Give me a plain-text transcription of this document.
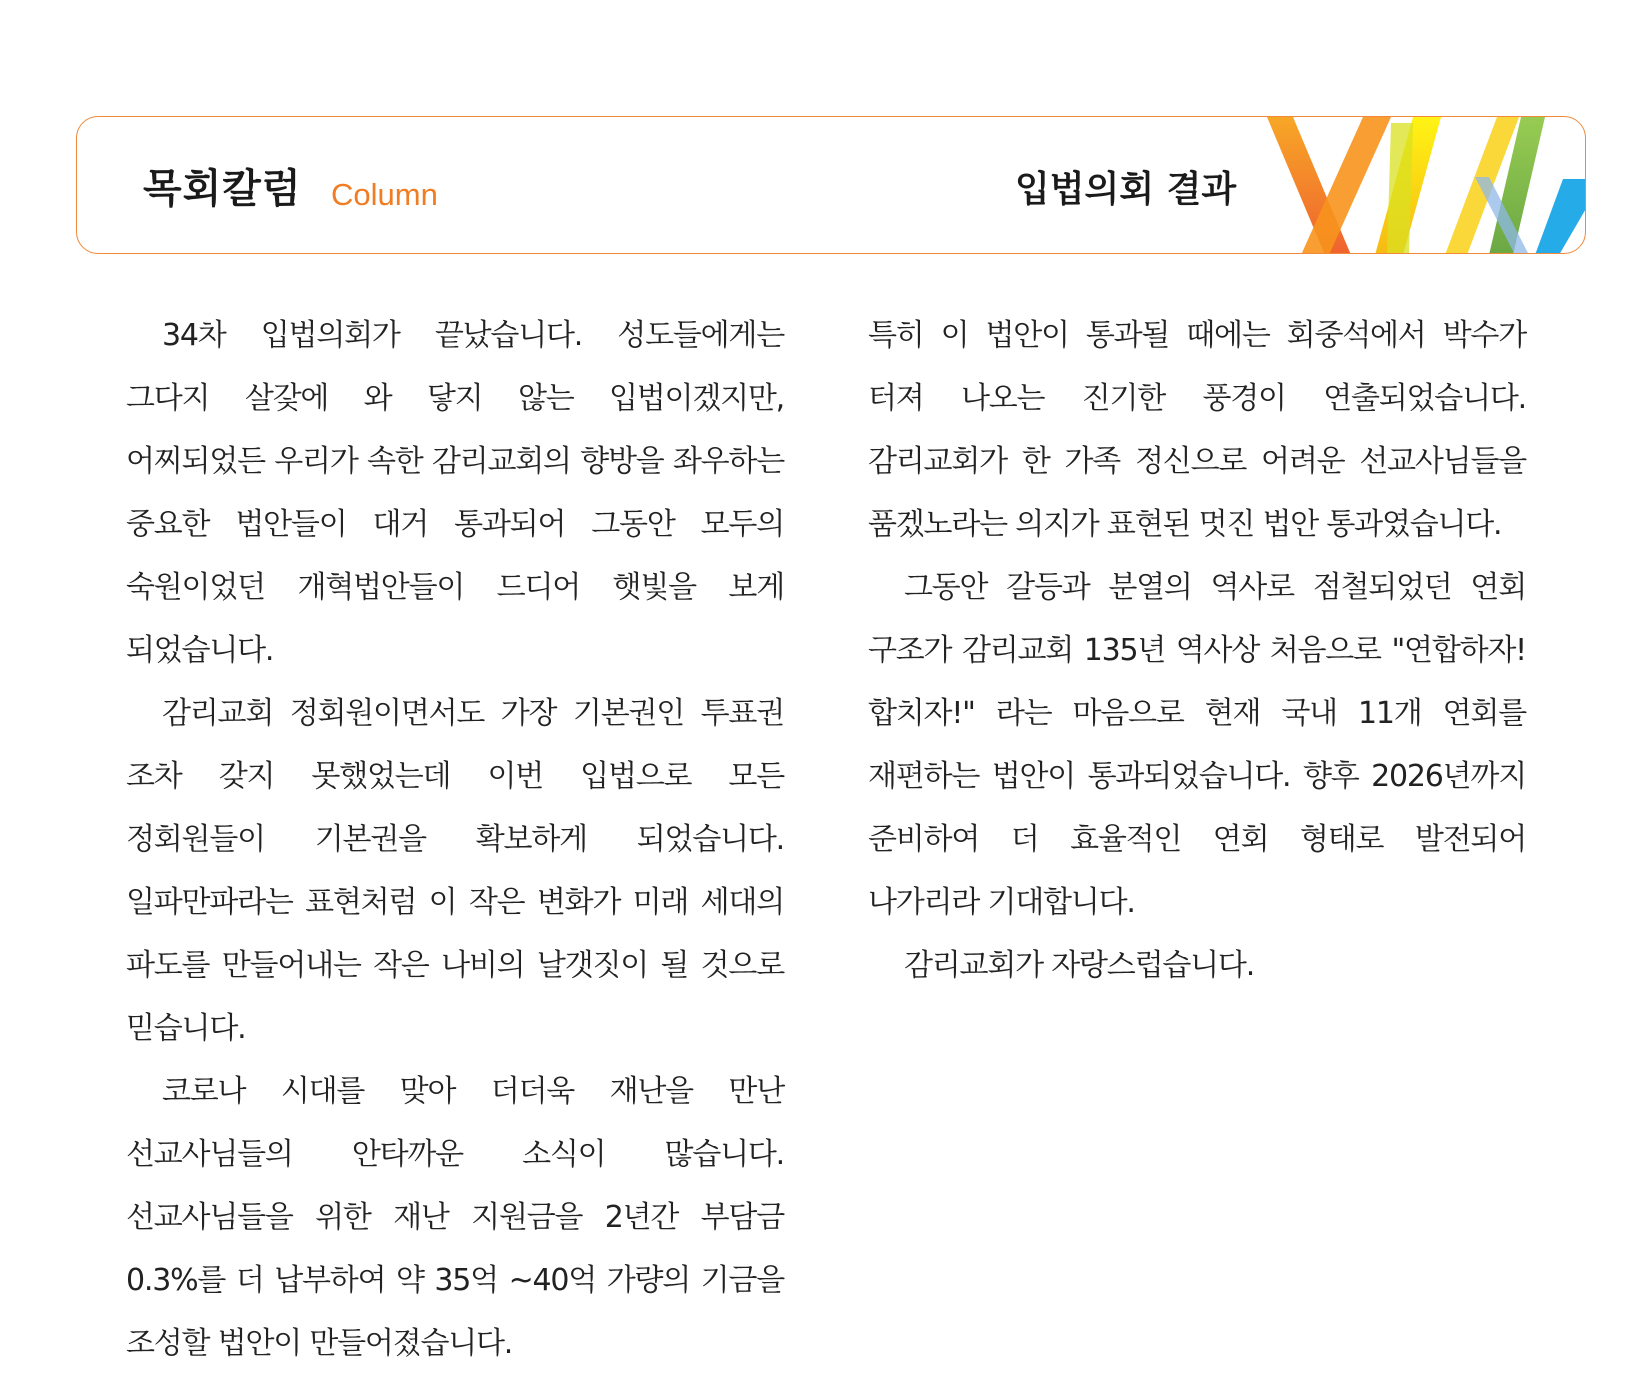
목회칼럼 Column	입법의회 결과

34차 입법의회가 끝났습니다. 성도들에게는 그다지 살갗에 와 닿지 않는 입법이겠지만, 어찌되었든 우리가 속한 감리교회의 향방을 좌우하는 중요한 법안들이 대거 통과되어 그동안 모두의 숙원이었던 개혁법안들이 드디어 햇빛을 보게 되었습니다.

감리교회 정회원이면서도 가장 기본권인 투표권 조차 갖지 못했었는데 이번 입법으로 모든 정회원들이 기본권을 확보하게 되었습니다. 일파만파라는 표현처럼 이 작은 변화가 미래 세대의 파도를 만들어내는 작은 나비의 날갯짓이 될 것으로 믿습니다.

코로나 시대를 맞아 더더욱 재난을 만난 선교사님들의 안타까운 소식이 많습니다. 선교사님들을 위한 재난 지원금을 2년간 부담금 0.3%를 더 납부하여 약 35억 ~40억 가량의 기금을 조성할 법안이 만들어졌습니다.

특히 이 법안이 통과될 때에는 회중석에서 박수가 터져 나오는 진기한 풍경이 연출되었습니다. 감리교회가 한 가족 정신으로 어려운 선교사님들을 품겠노라는 의지가 표현된 멋진 법안 통과였습니다.

그동안 갈등과 분열의 역사로 점철되었던 연회 구조가 감리교회 135년 역사상 처음으로 "연합하자! 합치자!" 라는 마음으로 현재 국내 11개 연회를 재편하는 법안이 통과되었습니다. 향후 2026년까지 준비하여 더 효율적인 연회 형태로 발전되어 나가리라 기대합니다.

감리교회가 자랑스럽습니다.
